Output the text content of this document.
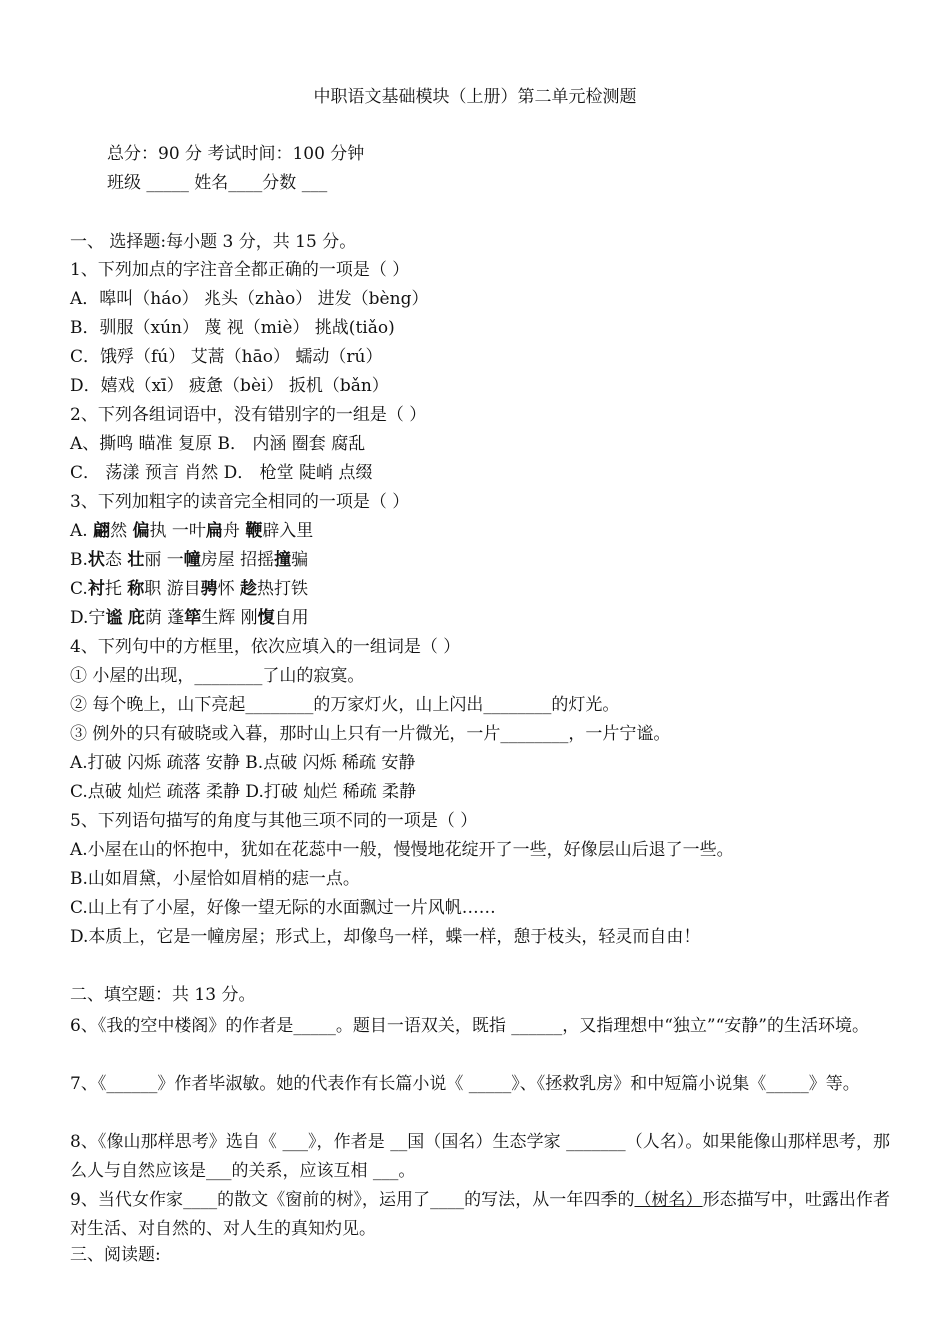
中职语文基础模块（上册）第二单元检测题
总分：90 分 考试时间：100 分钟
班级 _____ 姓名____分数 ___
一、 选择题:每小题 3 分，共 15 分。
1、下列加点的字注音全都正确的一项是（ ）
A．嗥叫（háo） 兆头（zhào） 进发（bèng）
B．驯服（xún） 蔑 视（miè） 挑战(tiǎo)
C．饿殍（fú） 艾蒿（hāo） 蠕动（rú）
D．嬉戏（xī） 疲惫（bèi） 扳机（bǎn）
2、下列各组词语中，没有错别字的一组是（ ）
A、撕鸣 瞄准 复原 B． 内涵 圈套 腐乱
C． 荡漾 预言 肖然 D． 枪堂 陡峭 点缀
3、下列加粗字的读音完全相同的一项是（ ）
A. 翩然 偏执 一叶扁舟 鞭辟入里
B.状态 壮丽 一幢房屋 招摇撞骗
C.衬托 称职 游目骋怀 趁热打铁
D.宁谧 庇荫 蓬筚生辉 刚愎自用
4、下列句中的方框里，依次应填入的一组词是（ ）
① 小屋的出现，________了山的寂寞。
② 每个晚上，山下亮起________的万家灯火，山上闪出________的灯光。
③ 例外的只有破晓或入暮，那时山上只有一片微光，一片________，一片宁谧。
A.打破 闪烁 疏落 安静 B.点破 闪烁 稀疏 安静
C.点破 灿烂 疏落 柔静 D.打破 灿烂 稀疏 柔静
5、下列语句描写的角度与其他三项不同的一项是（ ）
A.小屋在山的怀抱中，犹如在花蕊中一般，慢慢地花绽开了一些，好像层山后退了一些。
B.山如眉黛，小屋恰如眉梢的痣一点。
C.山上有了小屋，好像一望无际的水面飘过一片风帆……
D.本质上，它是一幢房屋；形式上，却像鸟一样，蝶一样，憩于枝头，轻灵而自由！
二、填空题：共 13 分。
6、《我的空中楼阁》的作者是_____。题目一语双关，既指 ______，又指理想中“独立”“安静”的生活环境。
7、《______》作者毕淑敏。她的代表作有长篇小说《 _____》、《拯救乳房》和中短篇小说集《_____》等。
8、《像山那样思考》选自《 ___》，作者是 __国（国名）生态学家 _______（人名）。如果能像山那样思考，那么人与自然应该是___的关系，应该互相 ___。
9、当代女作家____的散文《窗前的树》，运用了____的写法，从一年四季的（树名）形态描写中，吐露出作者对生活、对自然的、对人生的真知灼见。
三、阅读题:
